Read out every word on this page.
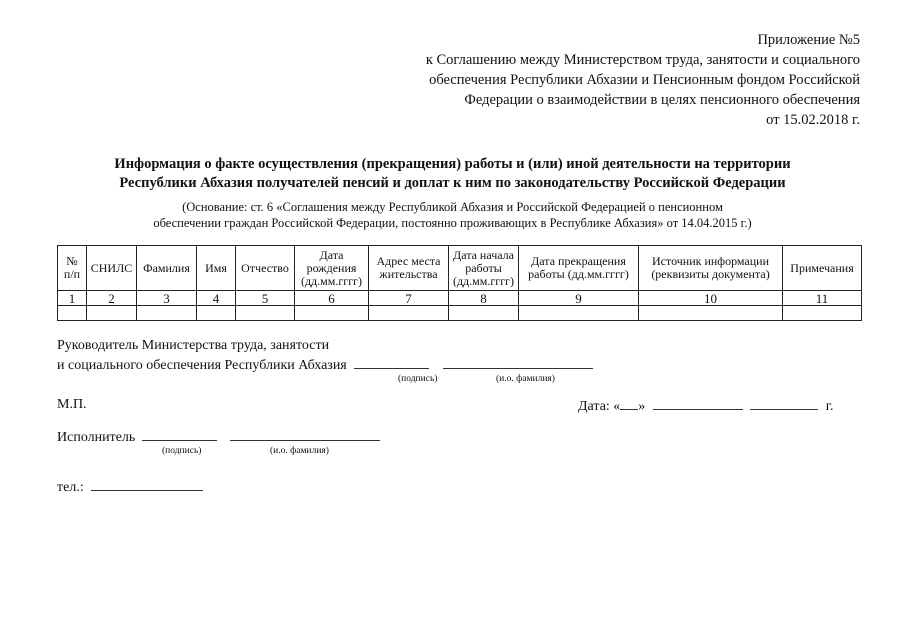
Приложение №5
к Соглашению между Министерством труда, занятости и социального
обеспечения Республики Абхазии и Пенсионным фондом Российской
Федерации о взаимодействии в целях пенсионного обеспечения
от 15.02.2018 г.
Информация о факте осуществления (прекращения) работы и (или) иной деятельности на территории
Республики Абхазия получателей пенсий и доплат к ним по законодательству Российской Федерации
(Основание: ст. 6 «Соглашения между Республикой Абхазия и Российской Федерацией о пенсионном
обеспечении граждан Российской Федерации, постоянно проживающих в Республике Абхазия» от 14.04.2015 г.)
№ п/п	СНИЛС	Фамилия	Имя	Отчество	Дата рождения (дд.мм.гггг)	Адрес места жительства	Дата начала работы (дд.мм.гггг)	Дата прекращения работы (дд.мм.гггг)	Источник информации (реквизиты документа)	Примечания
1	2	3	4	5	6	7	8	9	10	11

Руководитель Министерства труда, занятости
и социального обеспечения Республики Абхазия
(подпись)	(и.о. фамилия)
М.П.	Дата: « »	г.
Исполнитель
(подпись)	(и.о. фамилия)
тел.:
